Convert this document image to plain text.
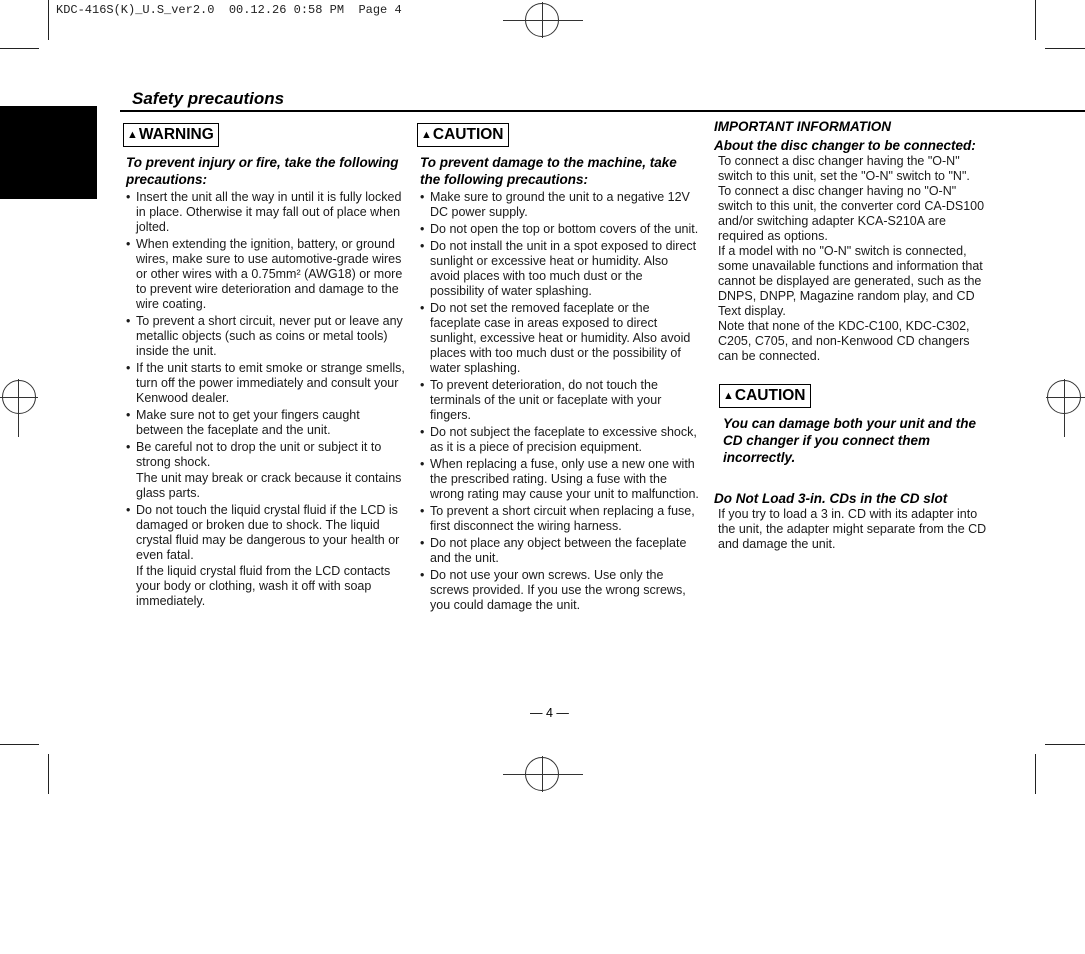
KDC-416S(K)_U.S_ver2.0  00.12.26 0:58 PM  Page 4
English
Safety precautions
▲WARNING
To prevent injury or fire, take the following precautions:
• Insert the unit all the way in until it is fully locked in place. Otherwise it may fall out of place when jolted.
• When extending the ignition, battery, or ground wires, make sure to use automotive-grade wires or other wires with a 0.75mm² (AWG18) or more to prevent wire deterioration and damage to the wire coating.
• To prevent a short circuit, never put or leave any metallic objects (such as coins or metal tools) inside the unit.
• If the unit starts to emit smoke or strange smells, turn off the power immediately and consult your Kenwood dealer.
• Make sure not to get your fingers caught between the faceplate and the unit.
• Be careful not to drop the unit or subject it to strong shock.
The unit may break or crack because it contains glass parts.
• Do not touch the liquid crystal fluid if the LCD is damaged or broken due to shock. The liquid crystal fluid may be dangerous to your health or even fatal.
If the liquid crystal fluid from the LCD contacts your body or clothing, wash it off with soap immediately.
▲CAUTION
To prevent damage to the machine, take the following precautions:
• Make sure to ground the unit to a negative 12V DC power supply.
• Do not open the top or bottom covers of the unit.
• Do not install the unit in a spot exposed to direct sunlight or excessive heat or humidity. Also avoid places with too much dust or the possibility of water splashing.
• Do not set the removed faceplate or the faceplate case in areas exposed to direct sunlight, excessive heat or humidity. Also avoid places with too much dust or the possibility of water splashing.
• To prevent deterioration, do not touch the terminals of the unit or faceplate with your fingers.
• Do not subject the faceplate to excessive shock, as it is a piece of precision equipment.
• When replacing a fuse, only use a new one with the prescribed rating. Using a fuse with the wrong rating may cause your unit to malfunction.
• To prevent a short circuit when replacing a fuse, first disconnect the wiring harness.
• Do not place any object between the faceplate and the unit.
• Do not use your own screws. Use only the screws provided. If you use the wrong screws, you could damage the unit.
IMPORTANT INFORMATION
About the disc changer to be connected:
To connect a disc changer having the "O-N" switch to this unit, set the "O-N" switch to "N".
To connect a disc changer having no "O-N" switch to this unit, the converter cord CA-DS100 and/or switching adapter KCA-S210A are required as options.
If a model with no "O-N" switch is connected, some unavailable functions and information that cannot be displayed are generated, such as the DNPS, DNPP, Magazine random play, and CD Text display.
Note that none of the KDC-C100, KDC-C302, C205, C705, and non-Kenwood CD changers can be connected.
▲CAUTION
You can damage both your unit and the CD changer if you connect them incorrectly.
Do Not Load 3-in. CDs in the CD slot
If you try to load a 3 in. CD with its adapter into the unit, the adapter might separate from the CD and damage the unit.
— 4 —
